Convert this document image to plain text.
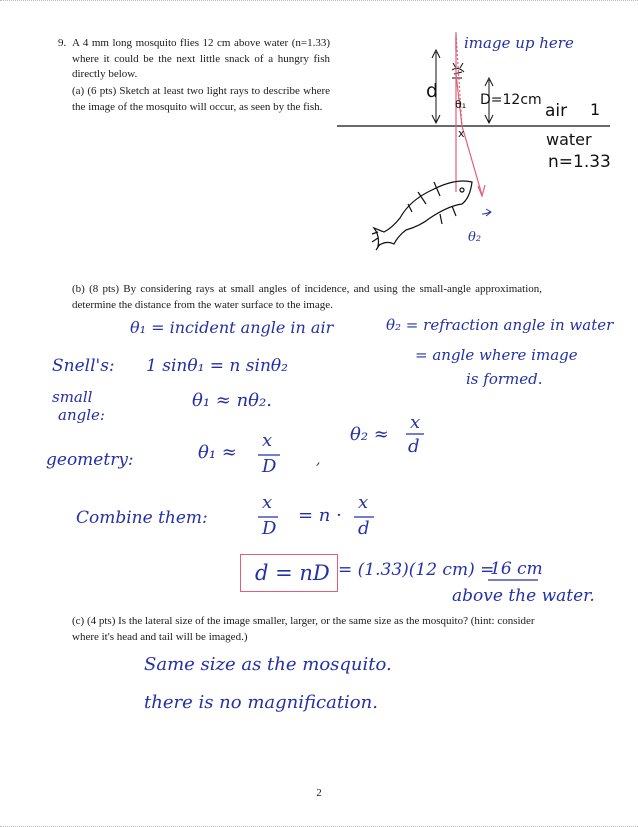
9. A 4 mm long mosquito flies 12 cm above water (n=1.33) where it could be the next little snack of a hungry fish directly below.
(a) (6 pts) Sketch at least two light rays to describe where the image of the mosquito will occur, as seen by the fish.
image up here
d	D=12cm
θ₁
x
air 1
water
n=1.33
θ₂
(b) (8 pts) By considering rays at small angles of incidence, and using the small-angle approximation, determine the distance from the water surface to the image.
θ₁ = incident angle in air	θ₂ = refraction angle in water
= angle where image
is formed.
Snell's: 1 sinθ₁ = n sinθ₂
small
angle:
θ₁ ≈ nθ₂.
geometry:	θ₁ ≈
x
D	,
θ₂ ≈
x
d
Combine them:
x
D
= n ·
x
d
d = nD = (1.33)(12 cm) =
16 cm
above the water.
(c) (4 pts) Is the lateral size of the image smaller, larger, or the same size as the mosquito? (hint: consider where it's head and tail will be imaged.)
Same size as the mosquito.
there is no magnification.
2
